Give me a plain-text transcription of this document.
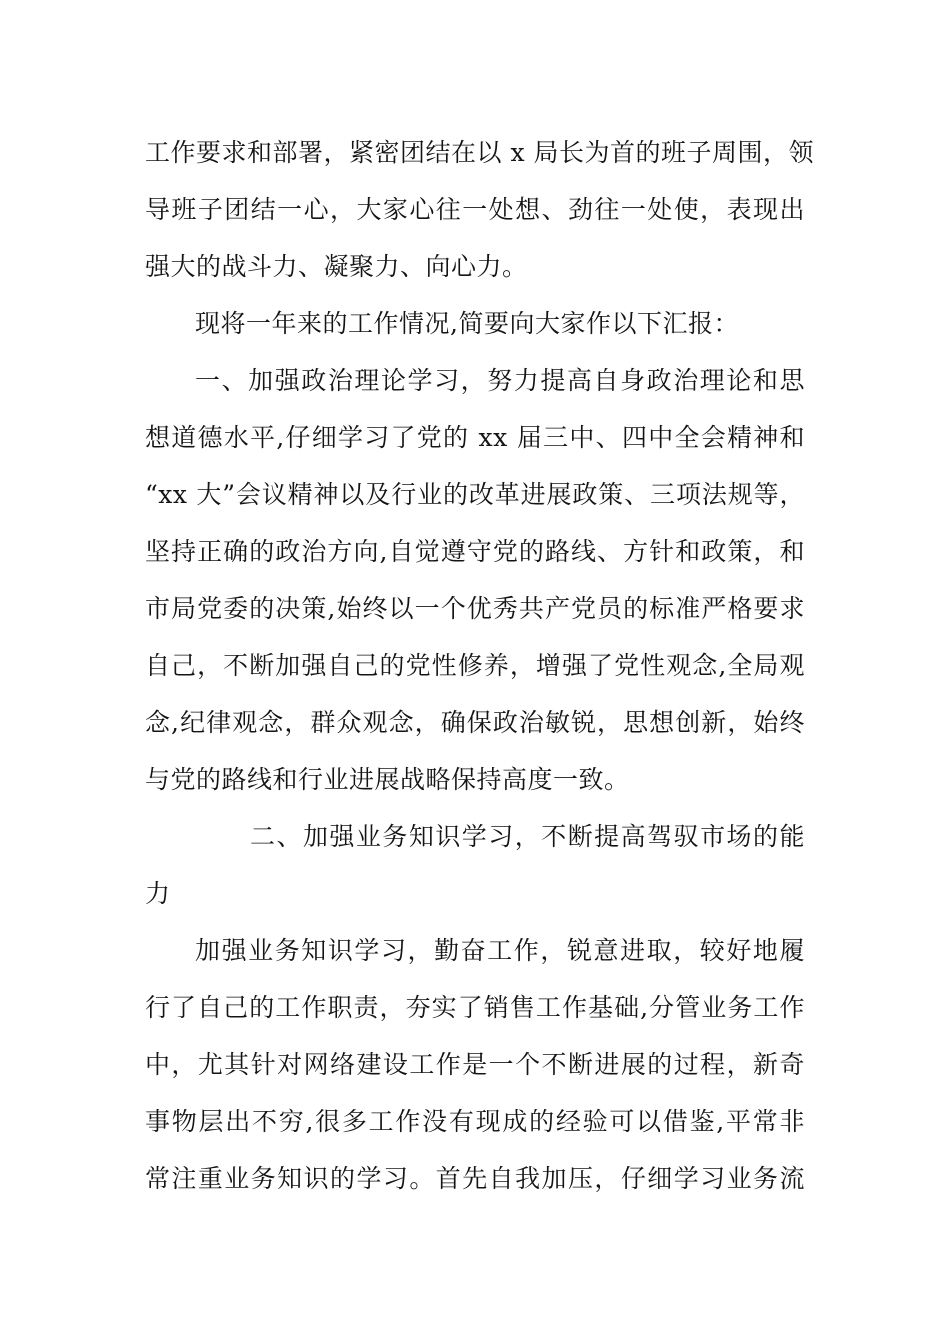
工作要求和部署，紧密团结在以 x 局长为首的班子周围，领
导班子团结一心，大家心往一处想、劲往一处使，表现出
强大的战斗力、凝聚力、向心力。
现将一年来的工作情况,简要向大家作以下汇报：
一、加强政治理论学习，努力提高自身政治理论和思
想道德水平,仔细学习了党的 xx 届三中、四中全会精神和
“xx 大”会议精神以及行业的改革进展政策、三项法规等，
坚持正确的政治方向,自觉遵守党的路线、方针和政策，和
市局党委的决策,始终以一个优秀共产党员的标准严格要求
自己，不断加强自己的党性修养，增强了党性观念,全局观
念,纪律观念，群众观念，确保政治敏锐，思想创新，始终
与党的路线和行业进展战略保持高度一致。
二、加强业务知识学习，不断提高驾驭市场的能
力
加强业务知识学习，勤奋工作，锐意进取，较好地履
行了自己的工作职责，夯实了销售工作基础,分管业务工作
中，尤其针对网络建设工作是一个不断进展的过程，新奇
事物层出不穷,很多工作没有现成的经验可以借鉴,平常非
常注重业务知识的学习。首先自我加压，仔细学习业务流
